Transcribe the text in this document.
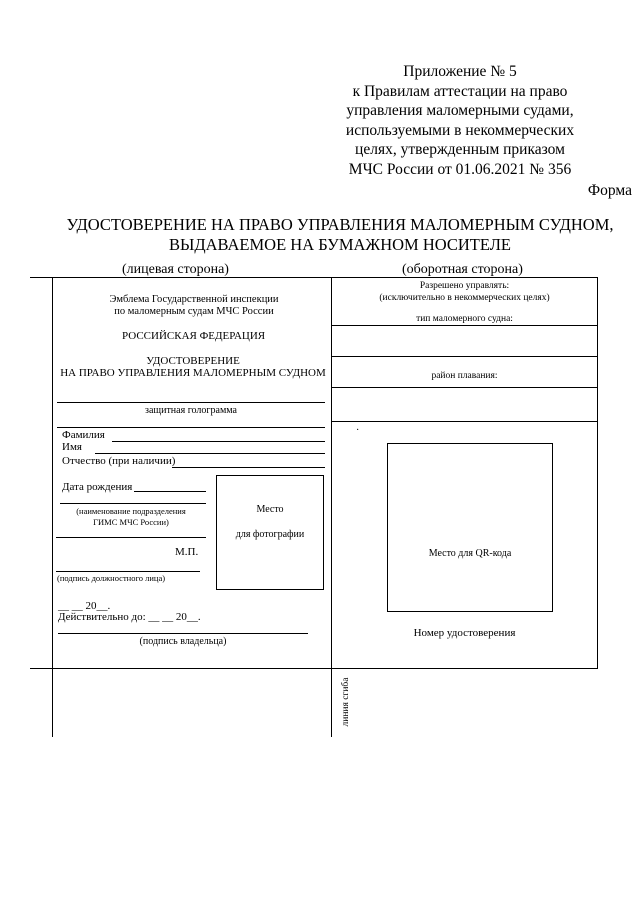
Приложение № 5
к Правилам аттестации на право
управления маломерными судами,
используемыми в некоммерческих
целях, утвержденным приказом
МЧС России от 01.06.2021 № 356
Форма
УДОСТОВЕРЕНИЕ НА ПРАВО УПРАВЛЕНИЯ МАЛОМЕРНЫМ СУДНОМ,
ВЫДАВАЕМОЕ НА БУМАЖНОМ НОСИТЕЛЕ
(лицевая сторона)	(оборотная сторона)
Эмблема Государственной инспекции
по маломерным судам МЧС России
РОССИЙСКАЯ ФЕДЕРАЦИЯ
УДОСТОВЕРЕНИЕ
НА ПРАВО УПРАВЛЕНИЯ МАЛОМЕРНЫМ СУДНОМ
защитная голограмма
Фамилия
Имя
Отчество (при наличии)
Дата рождения
(наименование подразделения
ГИМС МЧС России)
М.П.
(подпись должностного лица)
__ __ 20__.
Действительно до: __ __ 20__.
(подпись владельца)
Место
для фотографии
Разрешено управлять:
(исключительно в некоммерческих целях)
тип маломерного судна:
район плавания:
·
Место для QR-кода
Номер удостоверения
линия сгиба
